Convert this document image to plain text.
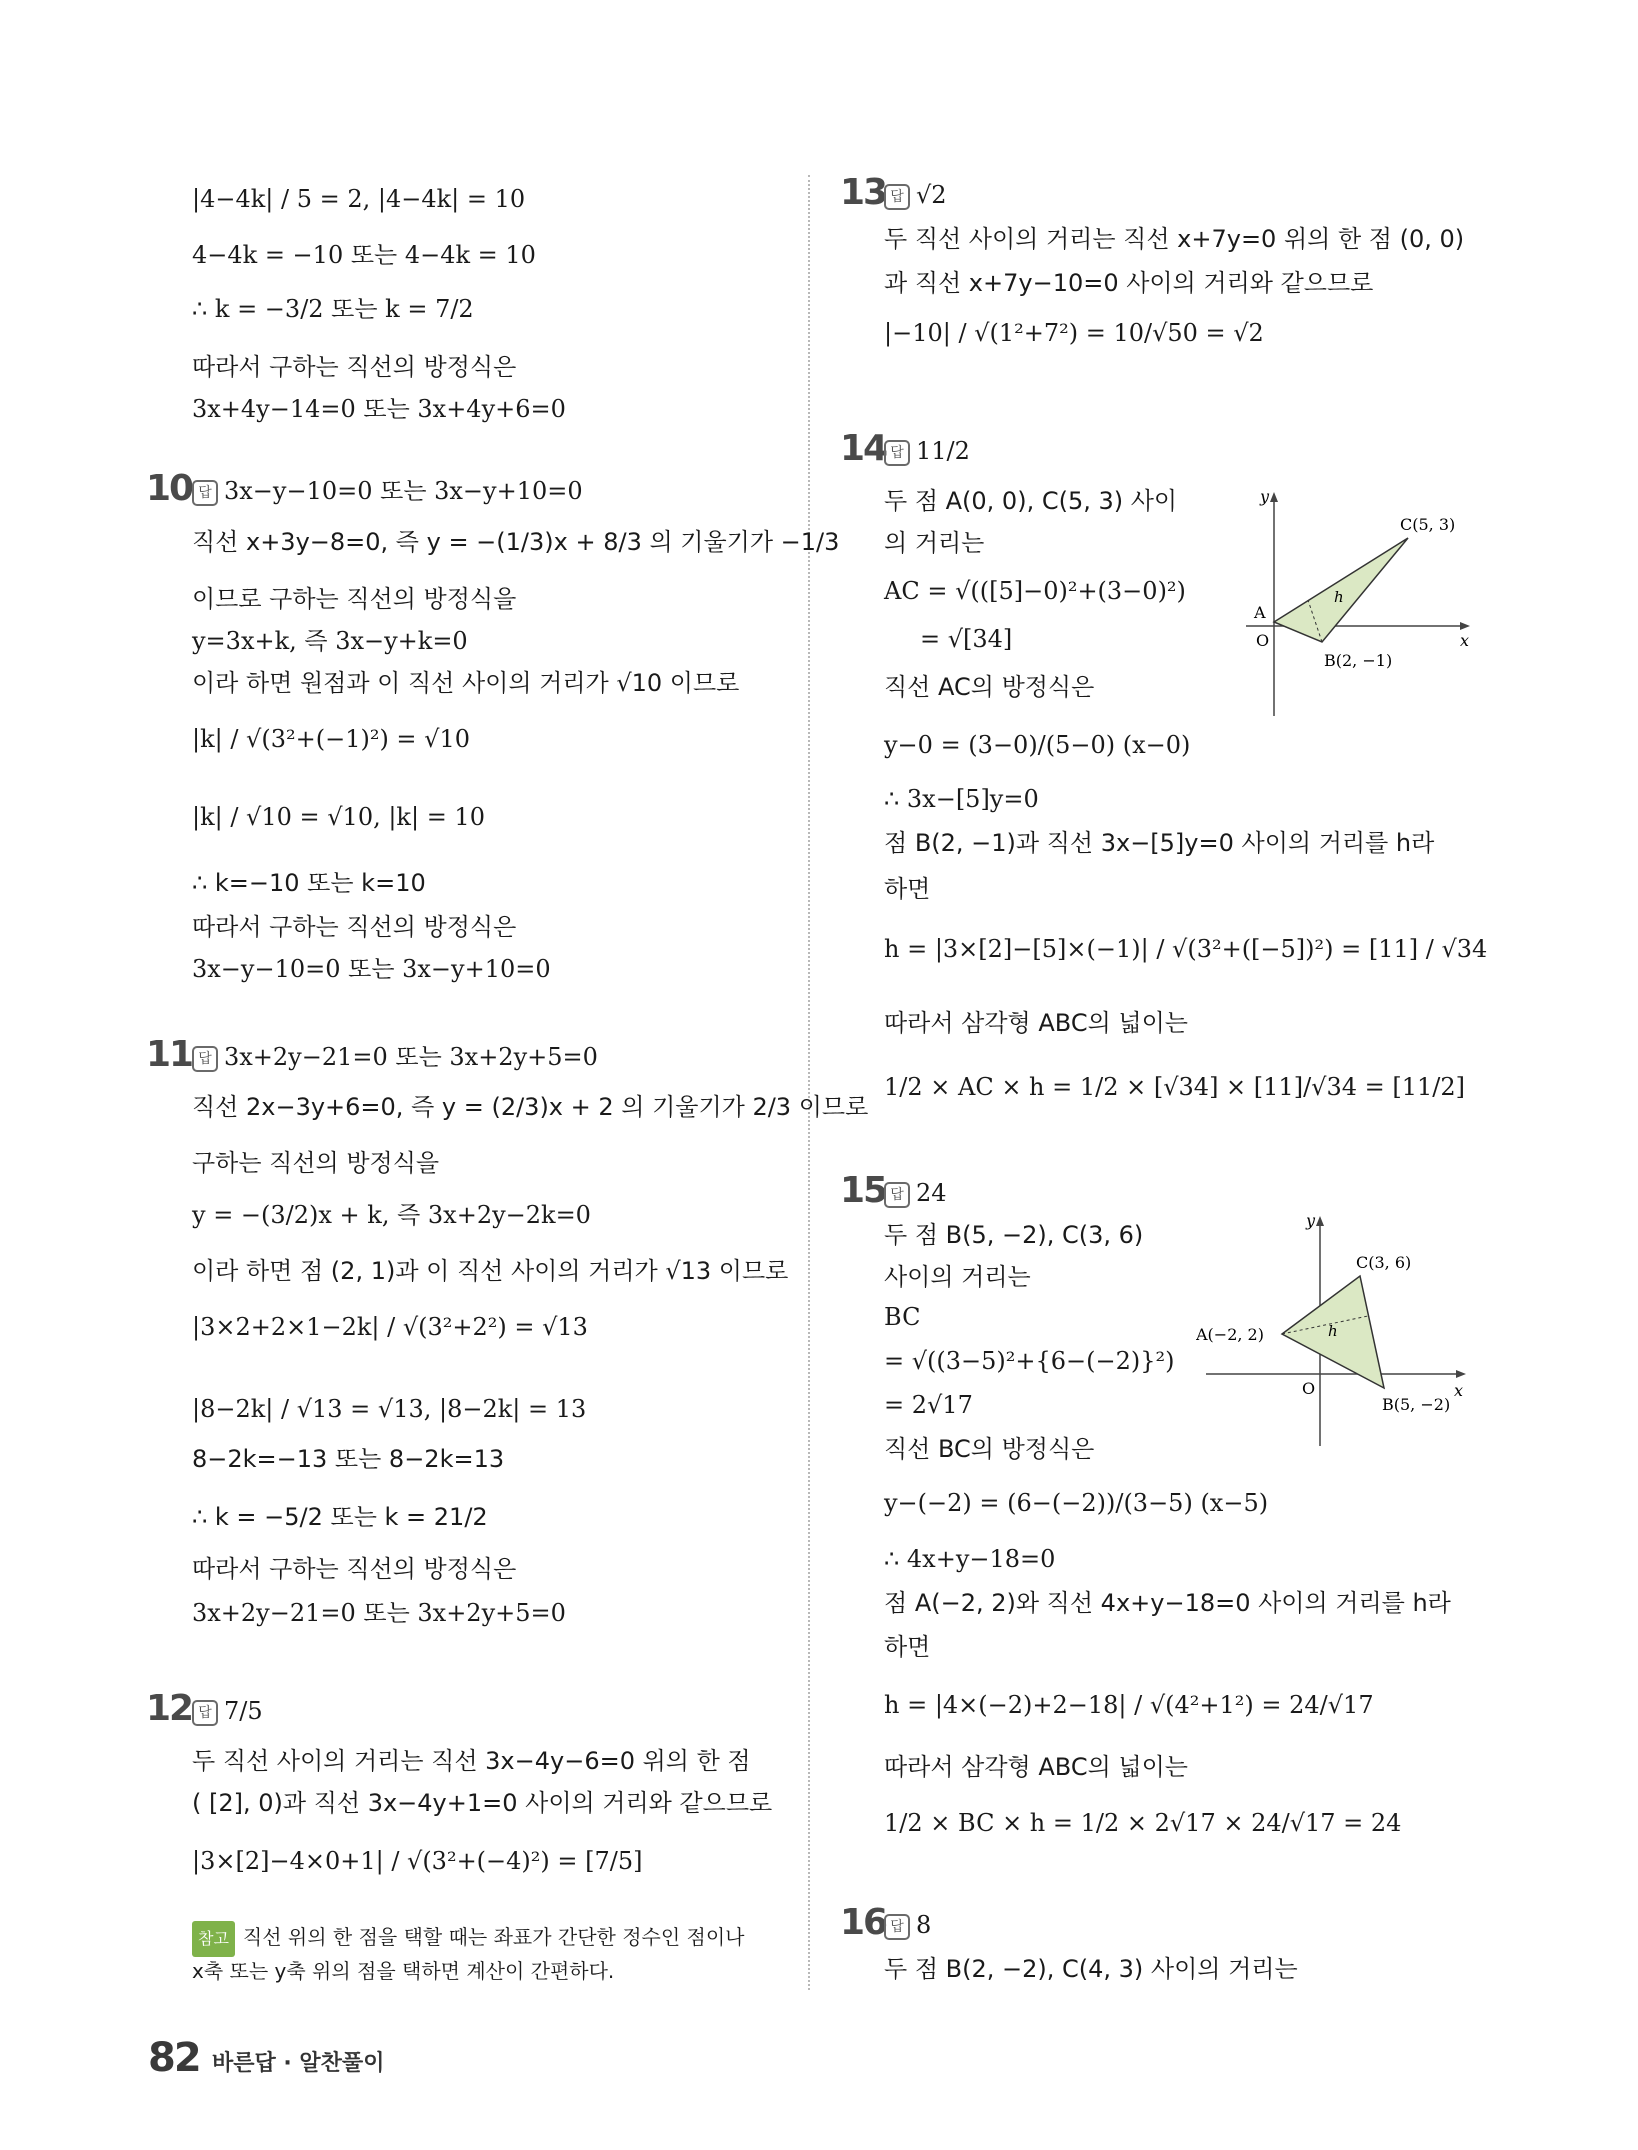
|4−4k| / 5 = 2, |4−4k| = 10
4−4k = −10 또는 4−4k = 10
∴ k = −3/2 또는 k = 7/2
따라서 구하는 직선의 방정식은
3x+4y−14=0 또는 3x+4y+6=0
10 답 3x−y−10=0 또는 3x−y+10=0
직선 x+3y−8=0, 즉 y = −(1/3)x + 8/3 의 기울기가 −1/3
이므로 구하는 직선의 방정식을
y=3x+k, 즉 3x−y+k=0
이라 하면 원점과 이 직선 사이의 거리가 √10 이므로
|k| / √(3²+(−1)²) = √10
|k| / √10 = √10, |k| = 10
∴ k=−10 또는 k=10
따라서 구하는 직선의 방정식은
3x−y−10=0 또는 3x−y+10=0
11 답 3x+2y−21=0 또는 3x+2y+5=0
직선 2x−3y+6=0, 즉 y = (2/3)x + 2 의 기울기가 2/3 이므로
구하는 직선의 방정식을
y = −(3/2)x + k, 즉 3x+2y−2k=0
이라 하면 점 (2, 1)과 이 직선 사이의 거리가 √13 이므로
|3×2+2×1−2k| / √(3²+2²) = √13
|8−2k| / √13 = √13, |8−2k| = 13
8−2k=−13 또는 8−2k=13
∴ k = −5/2 또는 k = 21/2
따라서 구하는 직선의 방정식은
3x+2y−21=0 또는 3x+2y+5=0
12 답 7/5
두 직선 사이의 거리는 직선 3x−4y−6=0 위의 한 점
( [2], 0)과 직선 3x−4y+1=0 사이의 거리와 같으므로
|3×[2]−4×0+1| / √(3²+(−4)²) = [7/5]
참고 직선 위의 한 점을 택할 때는 좌표가 간단한 정수인 점이나
x축 또는 y축 위의 점을 택하면 계산이 간편하다.
13 답 √2
두 직선 사이의 거리는 직선 x+7y=0 위의 한 점 (0, 0)
과 직선 x+7y−10=0 사이의 거리와 같으므로
|−10| / √(1²+7²) = 10/√50 = √2
14 답 11/2
두 점 A(0, 0), C(5, 3) 사이
의 거리는
AC = √(([5]−0)²+(3−0)²)
= √[34]
직선 AC의 방정식은
y−0 = (3−0)/(5−0) (x−0)
∴ 3x−[5]y=0
점 B(2, −1)과 직선 3x−[5]y=0 사이의 거리를 h라
하면
h = |3×[2]−[5]×(−1)| / √(3²+([−5])²) = [11] / √34
따라서 삼각형 ABC의 넓이는
1/2 × AC × h = 1/2 × [√34] × [11]/√34 = [11/2]
y
x
O
A
B(2, −1)
C(5, 3)
h
15 답 24
두 점 B(5, −2), C(3, 6)
사이의 거리는
BC
= √((3−5)²+{6−(−2)}²)
= 2√17
직선 BC의 방정식은
y−(−2) = (6−(−2))/(3−5) (x−5)
∴ 4x+y−18=0
점 A(−2, 2)와 직선 4x+y−18=0 사이의 거리를 h라
하면
h = |4×(−2)+2−18| / √(4²+1²) = 24/√17
따라서 삼각형 ABC의 넓이는
1/2 × BC × h = 1/2 × 2√17 × 24/√17 = 24
y
x
O
A(−2, 2)
B(5, −2)
C(3, 6)
h
16 답 8
두 점 B(2, −2), C(4, 3) 사이의 거리는
82 바른답 · 알찬풀이
